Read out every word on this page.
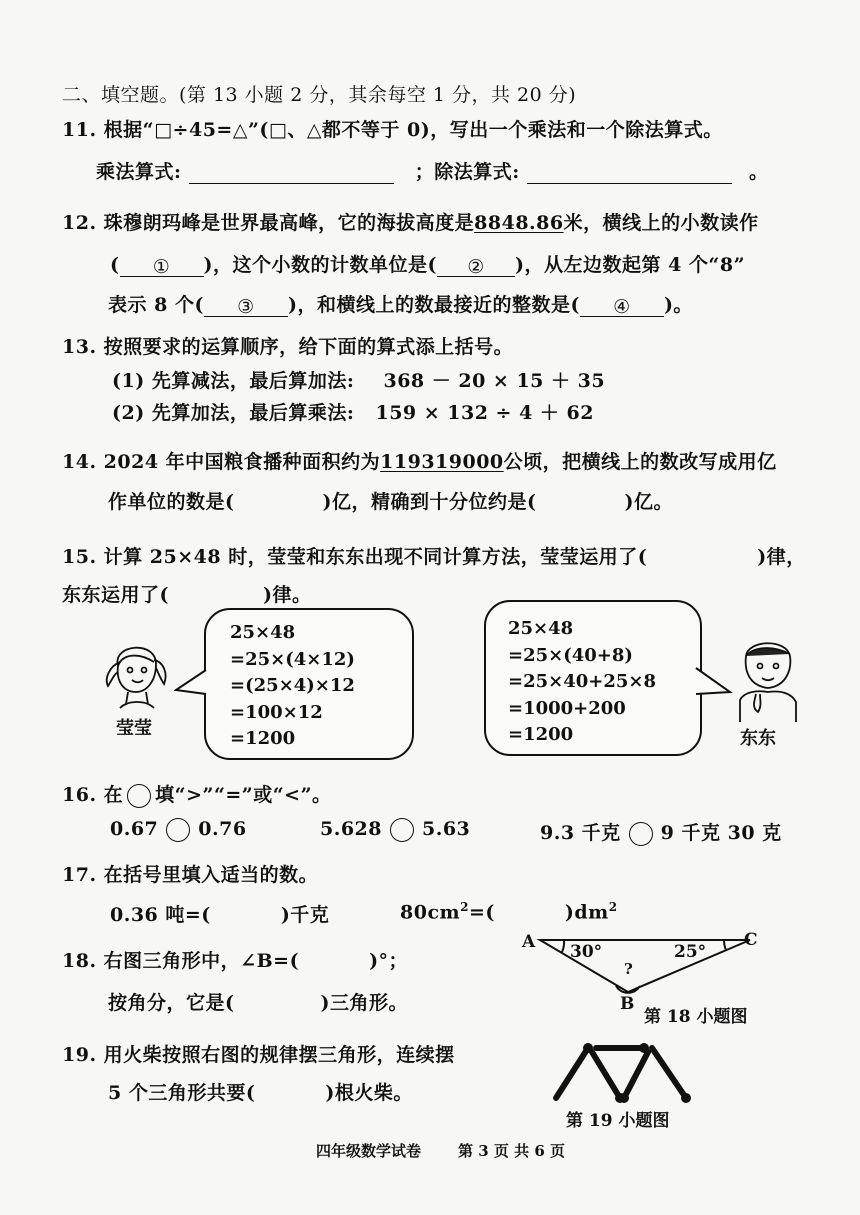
二、填空题。(第 13 小题 2 分，其余每空 1 分，共 20 分)
11. 根据“□÷45=△”(□、△都不等于 0)，写出一个乘法和一个除法算式。
乘法算式:	；除法算式:	。
12. 珠穆朗玛峰是世界最高峰，它的海拔高度是8848.86米，横线上的小数读作
( ① )，这个小数的计数单位是( ② )，从左边数起第 4 个“8”
表示 8 个( ③ )，和横线上的数最接近的整数是( ④ )。
13. 按照要求的运算顺序，给下面的算式添上括号。
(1) 先算减法，最后算加法: 368 － 20 × 15 ＋ 35
(2) 先算加法，最后算乘法: 159 × 132 ÷ 4 ＋ 62
14. 2024 年中国粮食播种面积约为119319000公顷，把横线上的数改写成用亿
作单位的数是(	)亿，精确到十分位约是(	)亿。
15. 计算 25×48 时，莹莹和东东出现不同计算方法，莹莹运用了(	)律，
东东运用了(	)律。
莹莹
25×48
=25×(4×12)
=(25×4)×12
=100×12
=1200
25×48
=25×(40+8)
=25×40+25×8
=1000+200
=1200	东东
16. 在 填“>”“=”或“<”。
0.67 0.76	5.628 5.63	9.3 千克 9 千克 30 克
17. 在括号里填入适当的数。
0.36 吨=(	)千克	$80cm^2=$(	)$dm^2$
18. 右图三角形中，∠B=(	)°；
按角分，它是(	)三角形。
A	C
B
30°	25°
?
第 18 小题图
19. 用火柴按照右图的规律摆三角形，连续摆
5 个三角形共要(	)根火柴。
第 19 小题图
四年级数学试卷 第 3 页 共 6 页
